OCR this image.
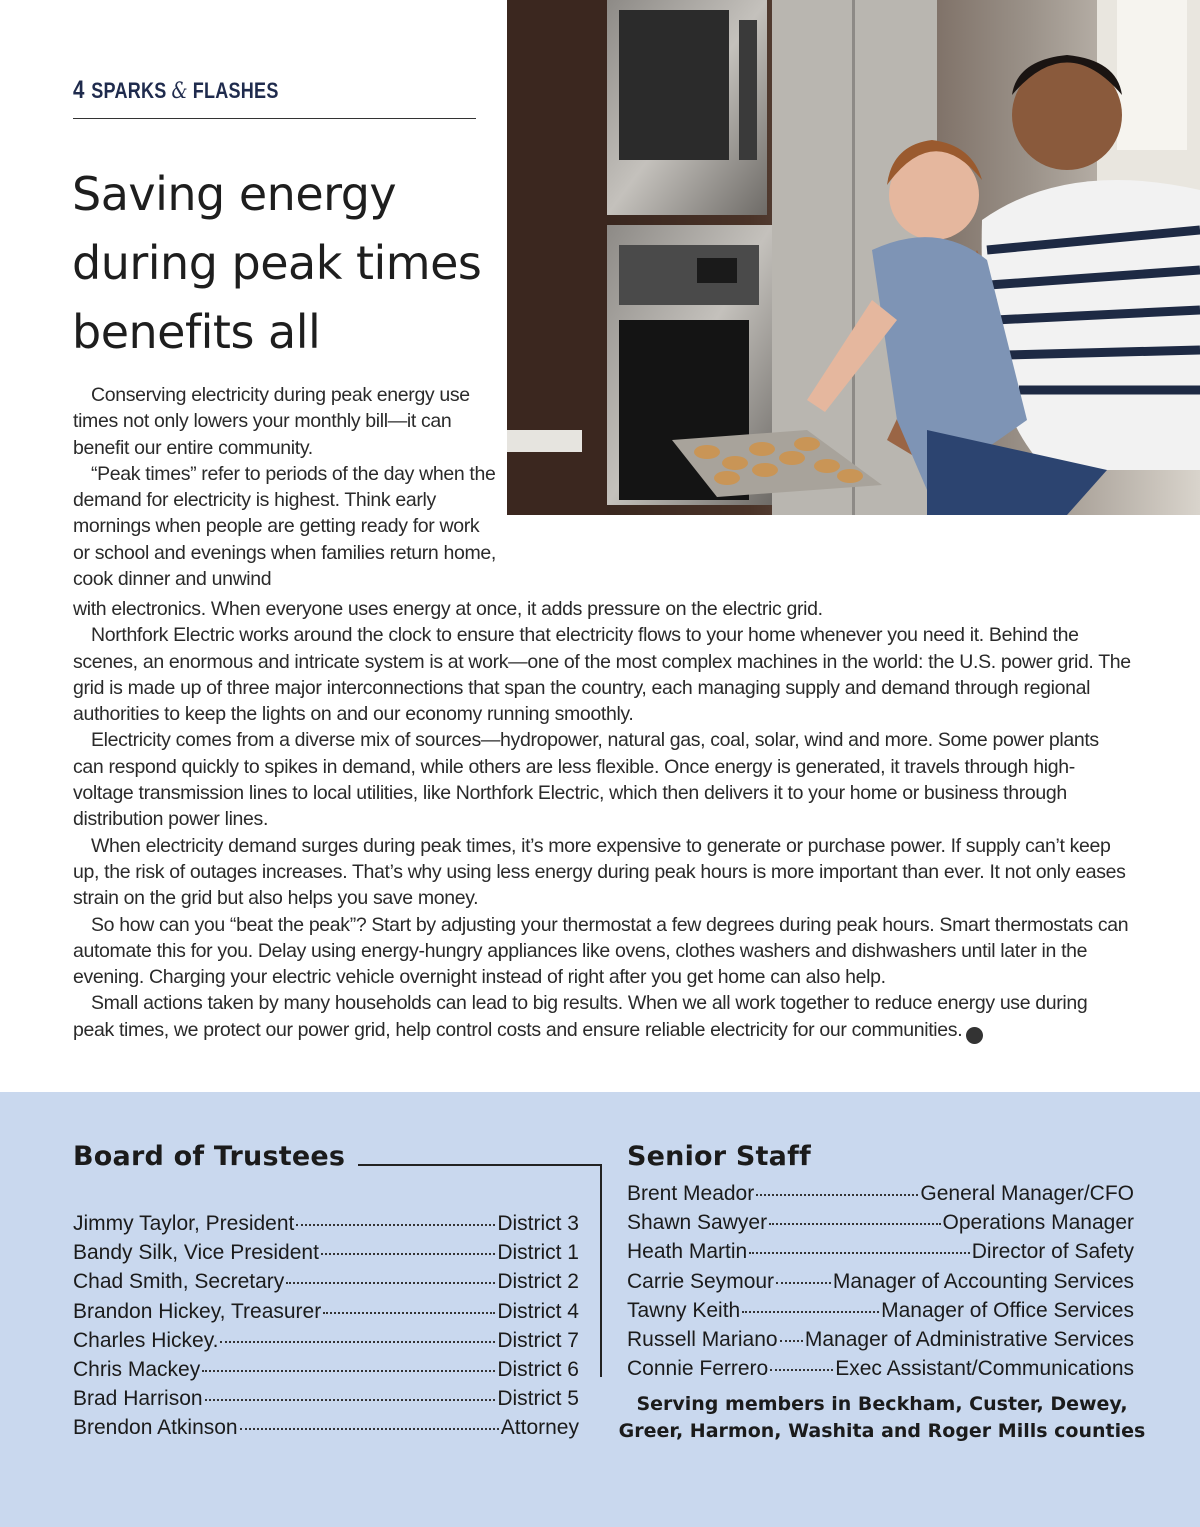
4 SPARKS & FLASHES
Saving energy during peak times benefits all

Conserving electricity during peak energy use times not only lowers your monthly bill—it can benefit our entire community.

“Peak times” refer to periods of the day when the demand for electricity is highest. Think early mornings when people are getting ready for work or school and evenings when families return home, cook dinner and unwind

with electronics. When everyone uses energy at once, it adds pressure on the electric grid.

Northfork Electric works around the clock to ensure that electricity flows to your home whenever you need it. Behind the scenes, an enormous and intricate system is at work—one of the most complex machines in the world: the U.S. power grid. The grid is made up of three major interconnections that span the country, each managing supply and demand through regional authorities to keep the lights on and our economy running smoothly.

Electricity comes from a diverse mix of sources—hydropower, natural gas, coal, solar, wind and more. Some power plants can respond quickly to spikes in demand, while others are less flexible. Once energy is generated, it travels through high-voltage transmission lines to local utilities, like Northfork Electric, which then delivers it to your home or business through distribution power lines.

When electricity demand surges during peak times, it’s more expensive to generate or purchase power. If supply can’t keep up, the risk of outages increases. That’s why using less energy during peak hours is more important than ever. It not only eases strain on the grid but also helps you save money.

So how can you “beat the peak”? Start by adjusting your thermostat a few degrees during peak hours. Smart thermostats can automate this for you. Delay using energy-hungry appliances like ovens, clothes washers and dishwashers until later in the evening. Charging your electric vehicle overnight instead of right after you get home can also help.

Small actions taken by many households can lead to big results. When we all work together to reduce energy use during peak times, we protect our power grid, help control costs and ensure reliable electricity for our communities. G

Board of Trustees	Senior Staff
Jimmy Taylor, President	District 3
Bandy Silk, Vice President	District 1
Chad Smith, Secretary	District 2
Brandon Hickey, Treasurer	District 4
Charles Hickey.	District 7
Chris Mackey	District 6
Brad Harrison	District 5
Brendon Atkinson	Attorney
Brent Meador	General Manager/CFO
Shawn Sawyer	Operations Manager
Heath Martin	Director of Safety
Carrie Seymour	Manager of Accounting Services
Tawny Keith	Manager of Office Services
Russell Mariano Manager of Administrative Services
Connie Ferrero	Exec Assistant/Communications

Serving members in Beckham, Custer, Dewey, Greer, Harmon, Washita and Roger Mills counties
